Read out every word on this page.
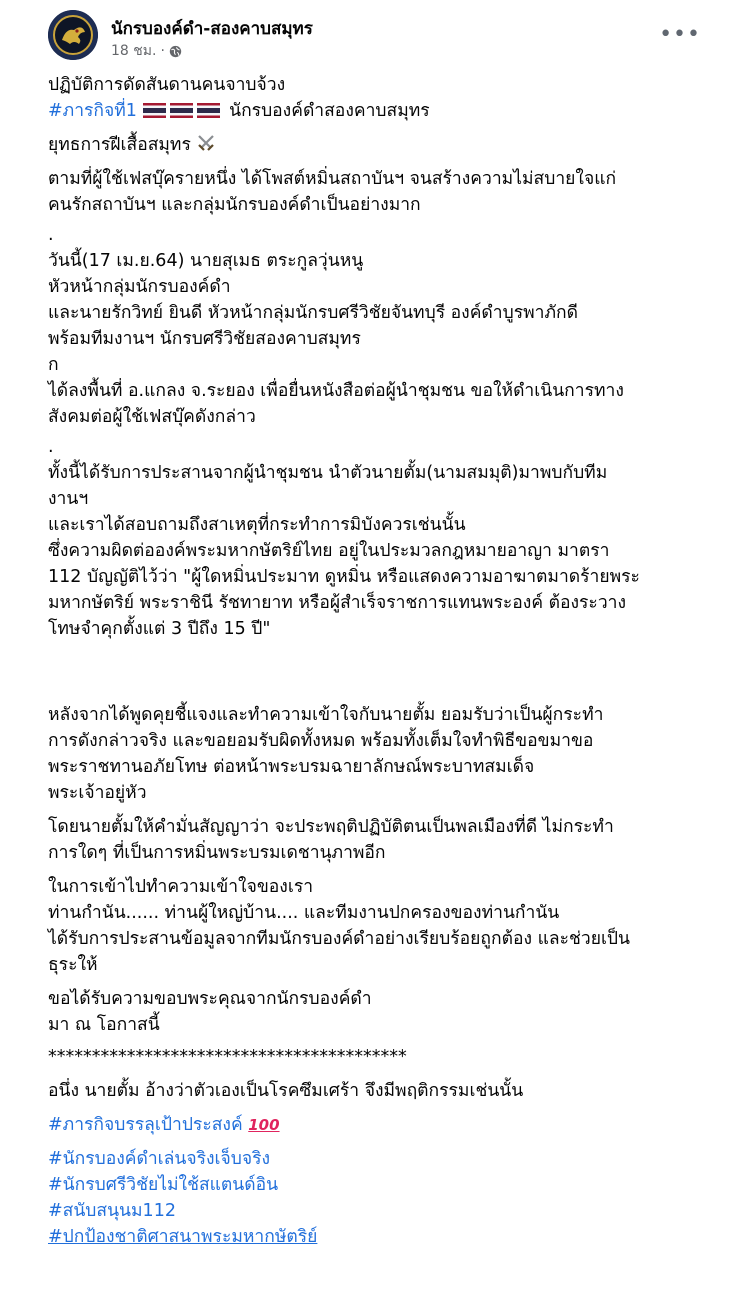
นักรบองค์ดำ-สองคาบสมุทร
18 ชม. ·
•••

ปฏิบัติการดัดสันดานคนจาบจ้วง

#ภารกิจที่1	นักรบองค์ดำสองคาบสมุทร

ยุทธการฝีเสื้อสมุทร

ตามที่ผู้ใช้เฟสบุ๊ครายหนึ่ง ได้โพสต์หมิ่นสถาบันฯ จนสร้างความไม่สบายใจแก่

คนรักสถาบันฯ และกลุ่มนักรบองค์ดำเป็นอย่างมาก

.

วันนี้(17 เม.ย.64) นายสุเมธ ตระกูลวุ่นหนู

หัวหน้ากลุ่มนักรบองค์ดำ

และนายรักวิทย์ ยินดี หัวหน้ากลุ่มนักรบศรีวิชัยจันทบุรี องค์ดำบูรพาภักดี

พร้อมทีมงานฯ นักรบศรีวิชัยสองคาบสมุทร

ก

ได้ลงพื้นที่ อ.แกลง จ.ระยอง เพื่อยื่นหนังสือต่อผู้นำชุมชน ขอให้ดำเนินการทาง

สังคมต่อผู้ใช้เฟสบุ๊คดังกล่าว

.

ทั้งนี้ได้รับการประสานจากผู้นำชุมชน นำตัวนายตั้ม(นามสมมุติ)มาพบกับทีม

งานฯ

และเราได้สอบถามถึงสาเหตุที่กระทำการมิบังควรเช่นนั้น

ซึ่งความผิดต่อองค์พระมหากษัตริย์ไทย อยู่ในประมวลกฎหมายอาญา มาตรา

112 บัญญัติไว้ว่า "ผู้ใดหมิ่นประมาท ดูหมิ่น หรือแสดงความอาฆาตมาดร้ายพระ

มหากษัตริย์ พระราชินี รัชทายาท หรือผู้สำเร็จราชการแทนพระองค์ ต้องระวาง

โทษจำคุกตั้งแต่ 3 ปีถึง 15 ปี"

หลังจากได้พูดคุยชี้แจงและทำความเข้าใจกับนายตั้ม ยอมรับว่าเป็นผู้กระทำ

การดังกล่าวจริง และขอยอมรับผิดทั้งหมด พร้อมทั้งเต็มใจทำพิธีขอขมาขอ

พระราชทานอภัยโทษ ต่อหน้าพระบรมฉายาลักษณ์พระบาทสมเด็จ

พระเจ้าอยู่หัว

โดยนายตั้มให้คำมั่นสัญญาว่า จะประพฤติปฏิบัติตนเป็นพลเมืองที่ดี ไม่กระทำ

การใดๆ ที่เป็นการหมิ่นพระบรมเดชานุภาพอีก

ในการเข้าไปทำความเข้าใจของเรา

ท่านกำนัน...... ท่านผู้ใหญ่บ้าน.... และทีมงานปกครองของท่านกำนัน

ได้รับการประสานข้อมูลจากทีมนักรบองค์ดำอย่างเรียบร้อยถูกต้อง และช่วยเป็น

ธุระให้

ขอได้รับความขอบพระคุณจากนักรบองค์ดำ

มา ณ โอกาสนี้

*****************************************

อนึ่ง นายตั้ม อ้างว่าตัวเองเป็นโรคซึมเศร้า จึงมีพฤติกรรมเช่นนั้น

#ภารกิจบรรลุเป้าประสงค์ 100

#นักรบองค์ดำเล่นจริงเจ็บจริง

#นักรบศรีวิชัยไม่ใช้สแตนด์อิน

#สนับสนุนม112

#ปกป้องชาติศาสนาพระมหากษัตริย์
